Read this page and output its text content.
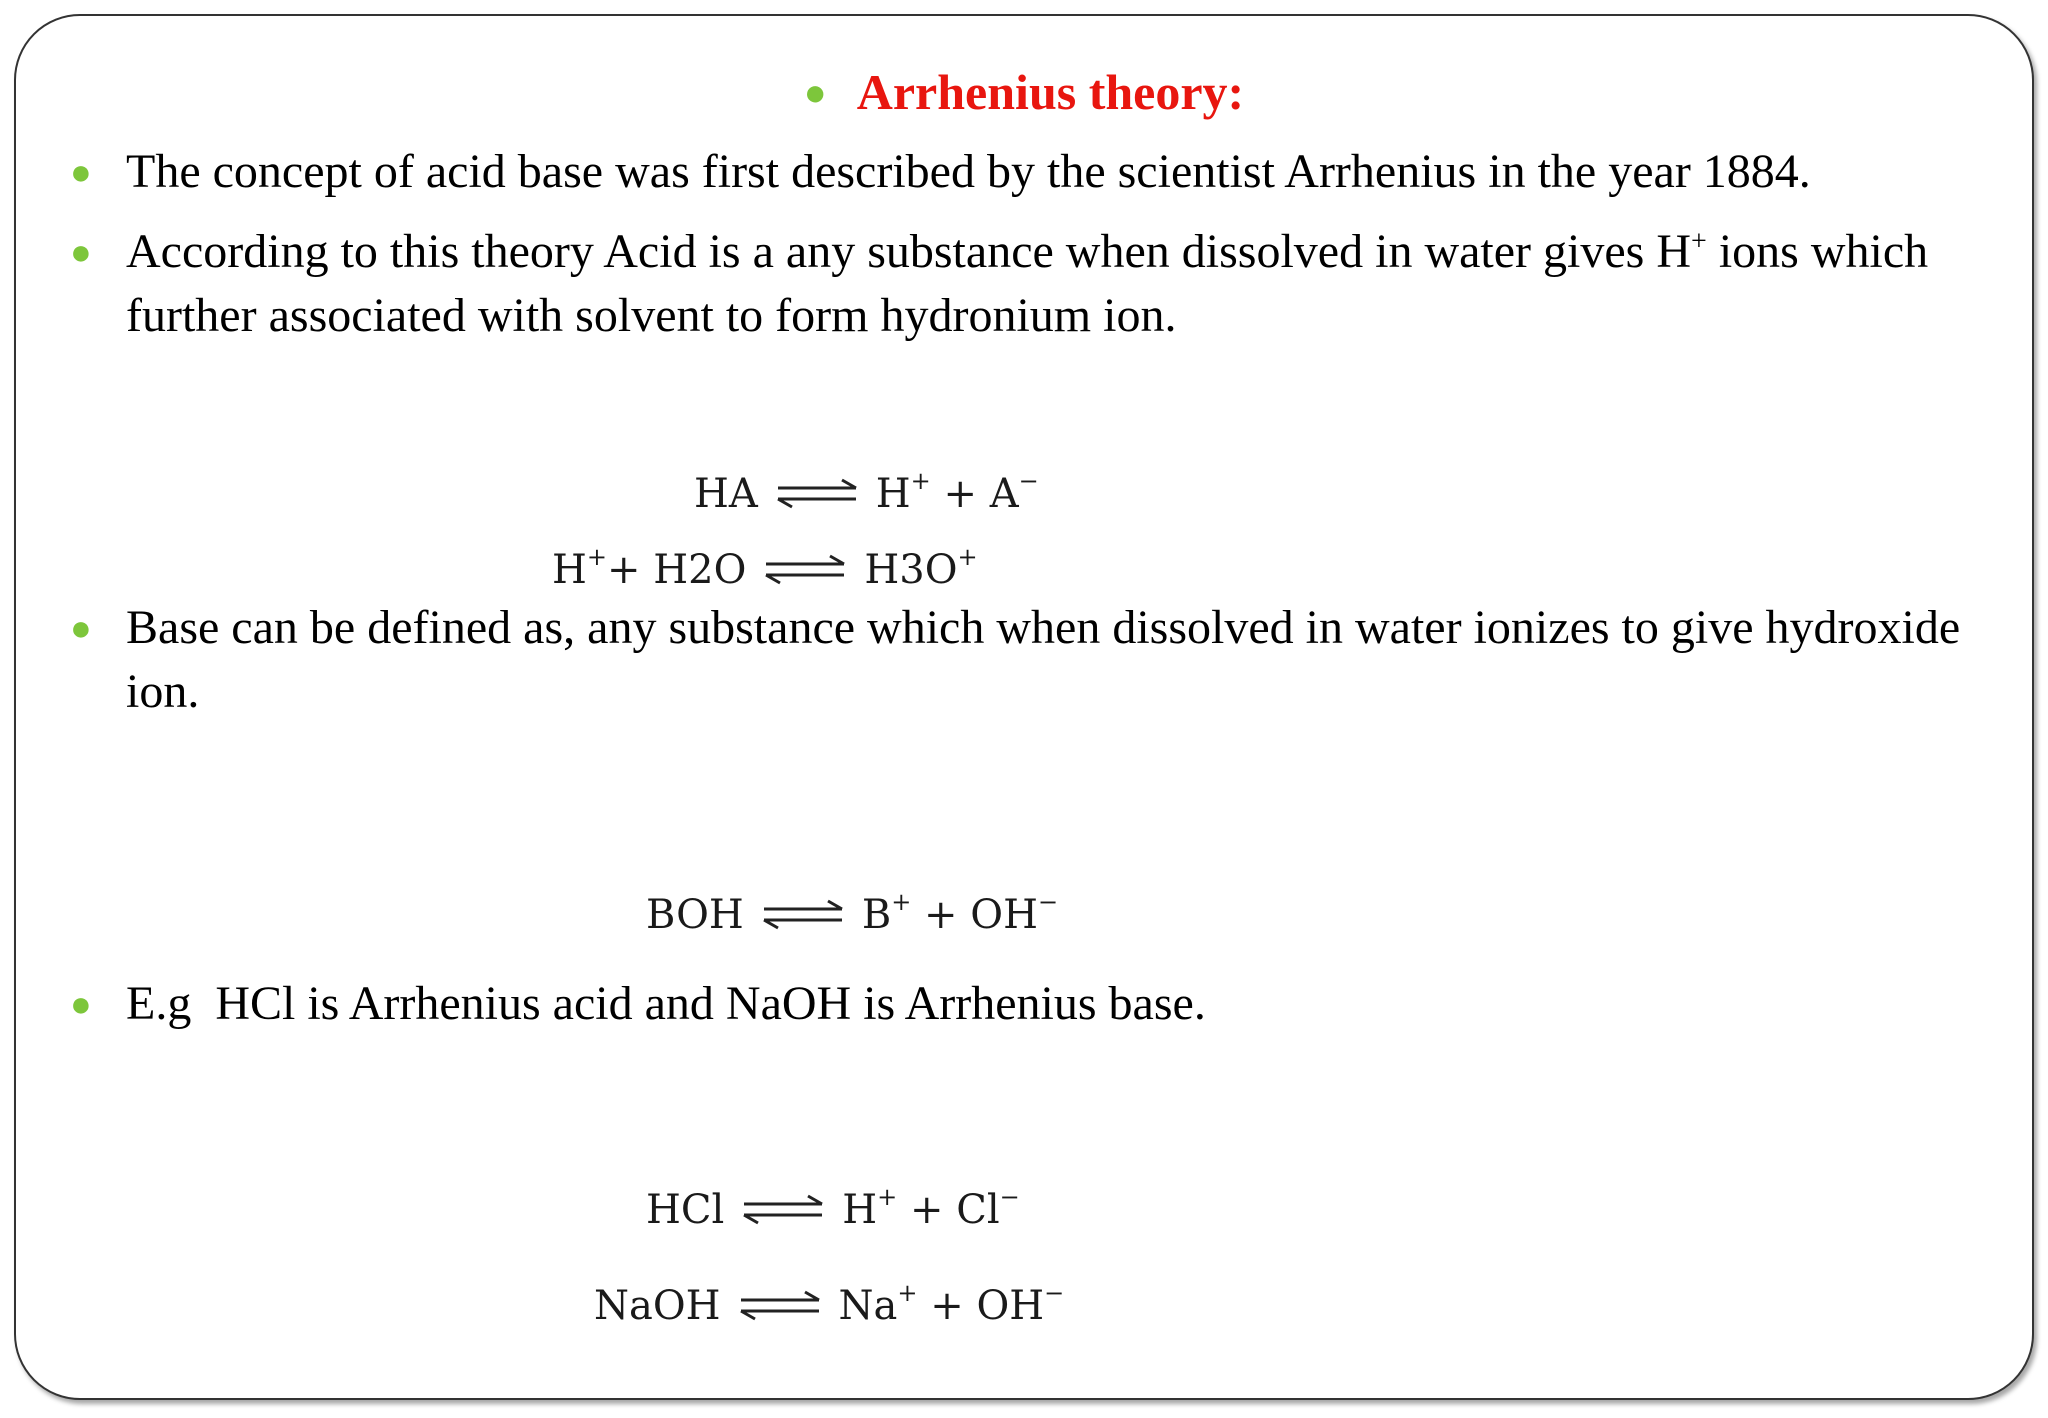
● Arrhenius theory:
● The concept of acid base was first described by the scientist Arrhenius in the year 1884.
● According to this theory Acid is a any substance when dissolved in water gives H+ ions which further associated with solvent to form hydronium ion.
HA ⇌ H+ + A−
H++ H2O ⇌ H3O+
● Base can be defined as, any substance which when dissolved in water ionizes to give hydroxide ion.
BOH ⇌ B+ + OH−
● E.g  HCl is Arrhenius acid and NaOH is Arrhenius base.
HCl ⇌ H+ + Cl−
NaOH ⇌ Na+ + OH−
